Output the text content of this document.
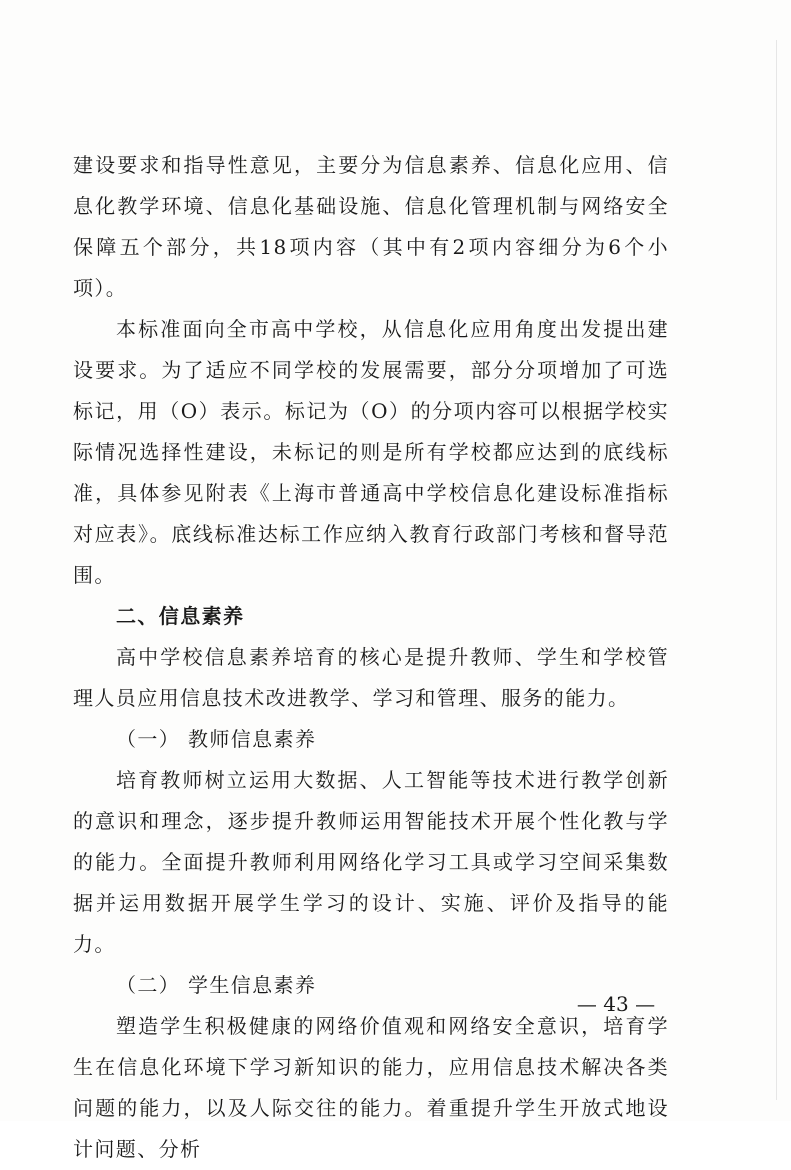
建设要求和指导性意见，主要分为信息素养、信息化应用、信息化教学环境、信息化基础设施、信息化管理机制与网络安全保障五个部分，共18项内容（其中有2项内容细分为6个小项）。

本标准面向全市高中学校，从信息化应用角度出发提出建设要求。为了适应不同学校的发展需要，部分分项增加了可选标记，用（O）表示。标记为（O）的分项内容可以根据学校实际情况选择性建设，未标记的则是所有学校都应达到的底线标准，具体参见附表《上海市普通高中学校信息化建设标准指标对应表》。底线标准达标工作应纳入教育行政部门考核和督导范围。

二、信息素养

高中学校信息素养培育的核心是提升教师、学生和学校管理人员应用信息技术改进教学、学习和管理、服务的能力。

（一） 教师信息素养

培育教师树立运用大数据、人工智能等技术进行教学创新的意识和理念，逐步提升教师运用智能技术开展个性化教与学的能力。全面提升教师利用网络化学习工具或学习空间采集数据并运用数据开展学生学习的设计、实施、评价及指导的能力。

（二） 学生信息素养

塑造学生积极健康的网络价值观和网络安全意识，培育学生在信息化环境下学习新知识的能力，应用信息技术解决各类问题的能力，以及人际交往的能力。着重提升学生开放式地设计问题、分析

— 43 —
